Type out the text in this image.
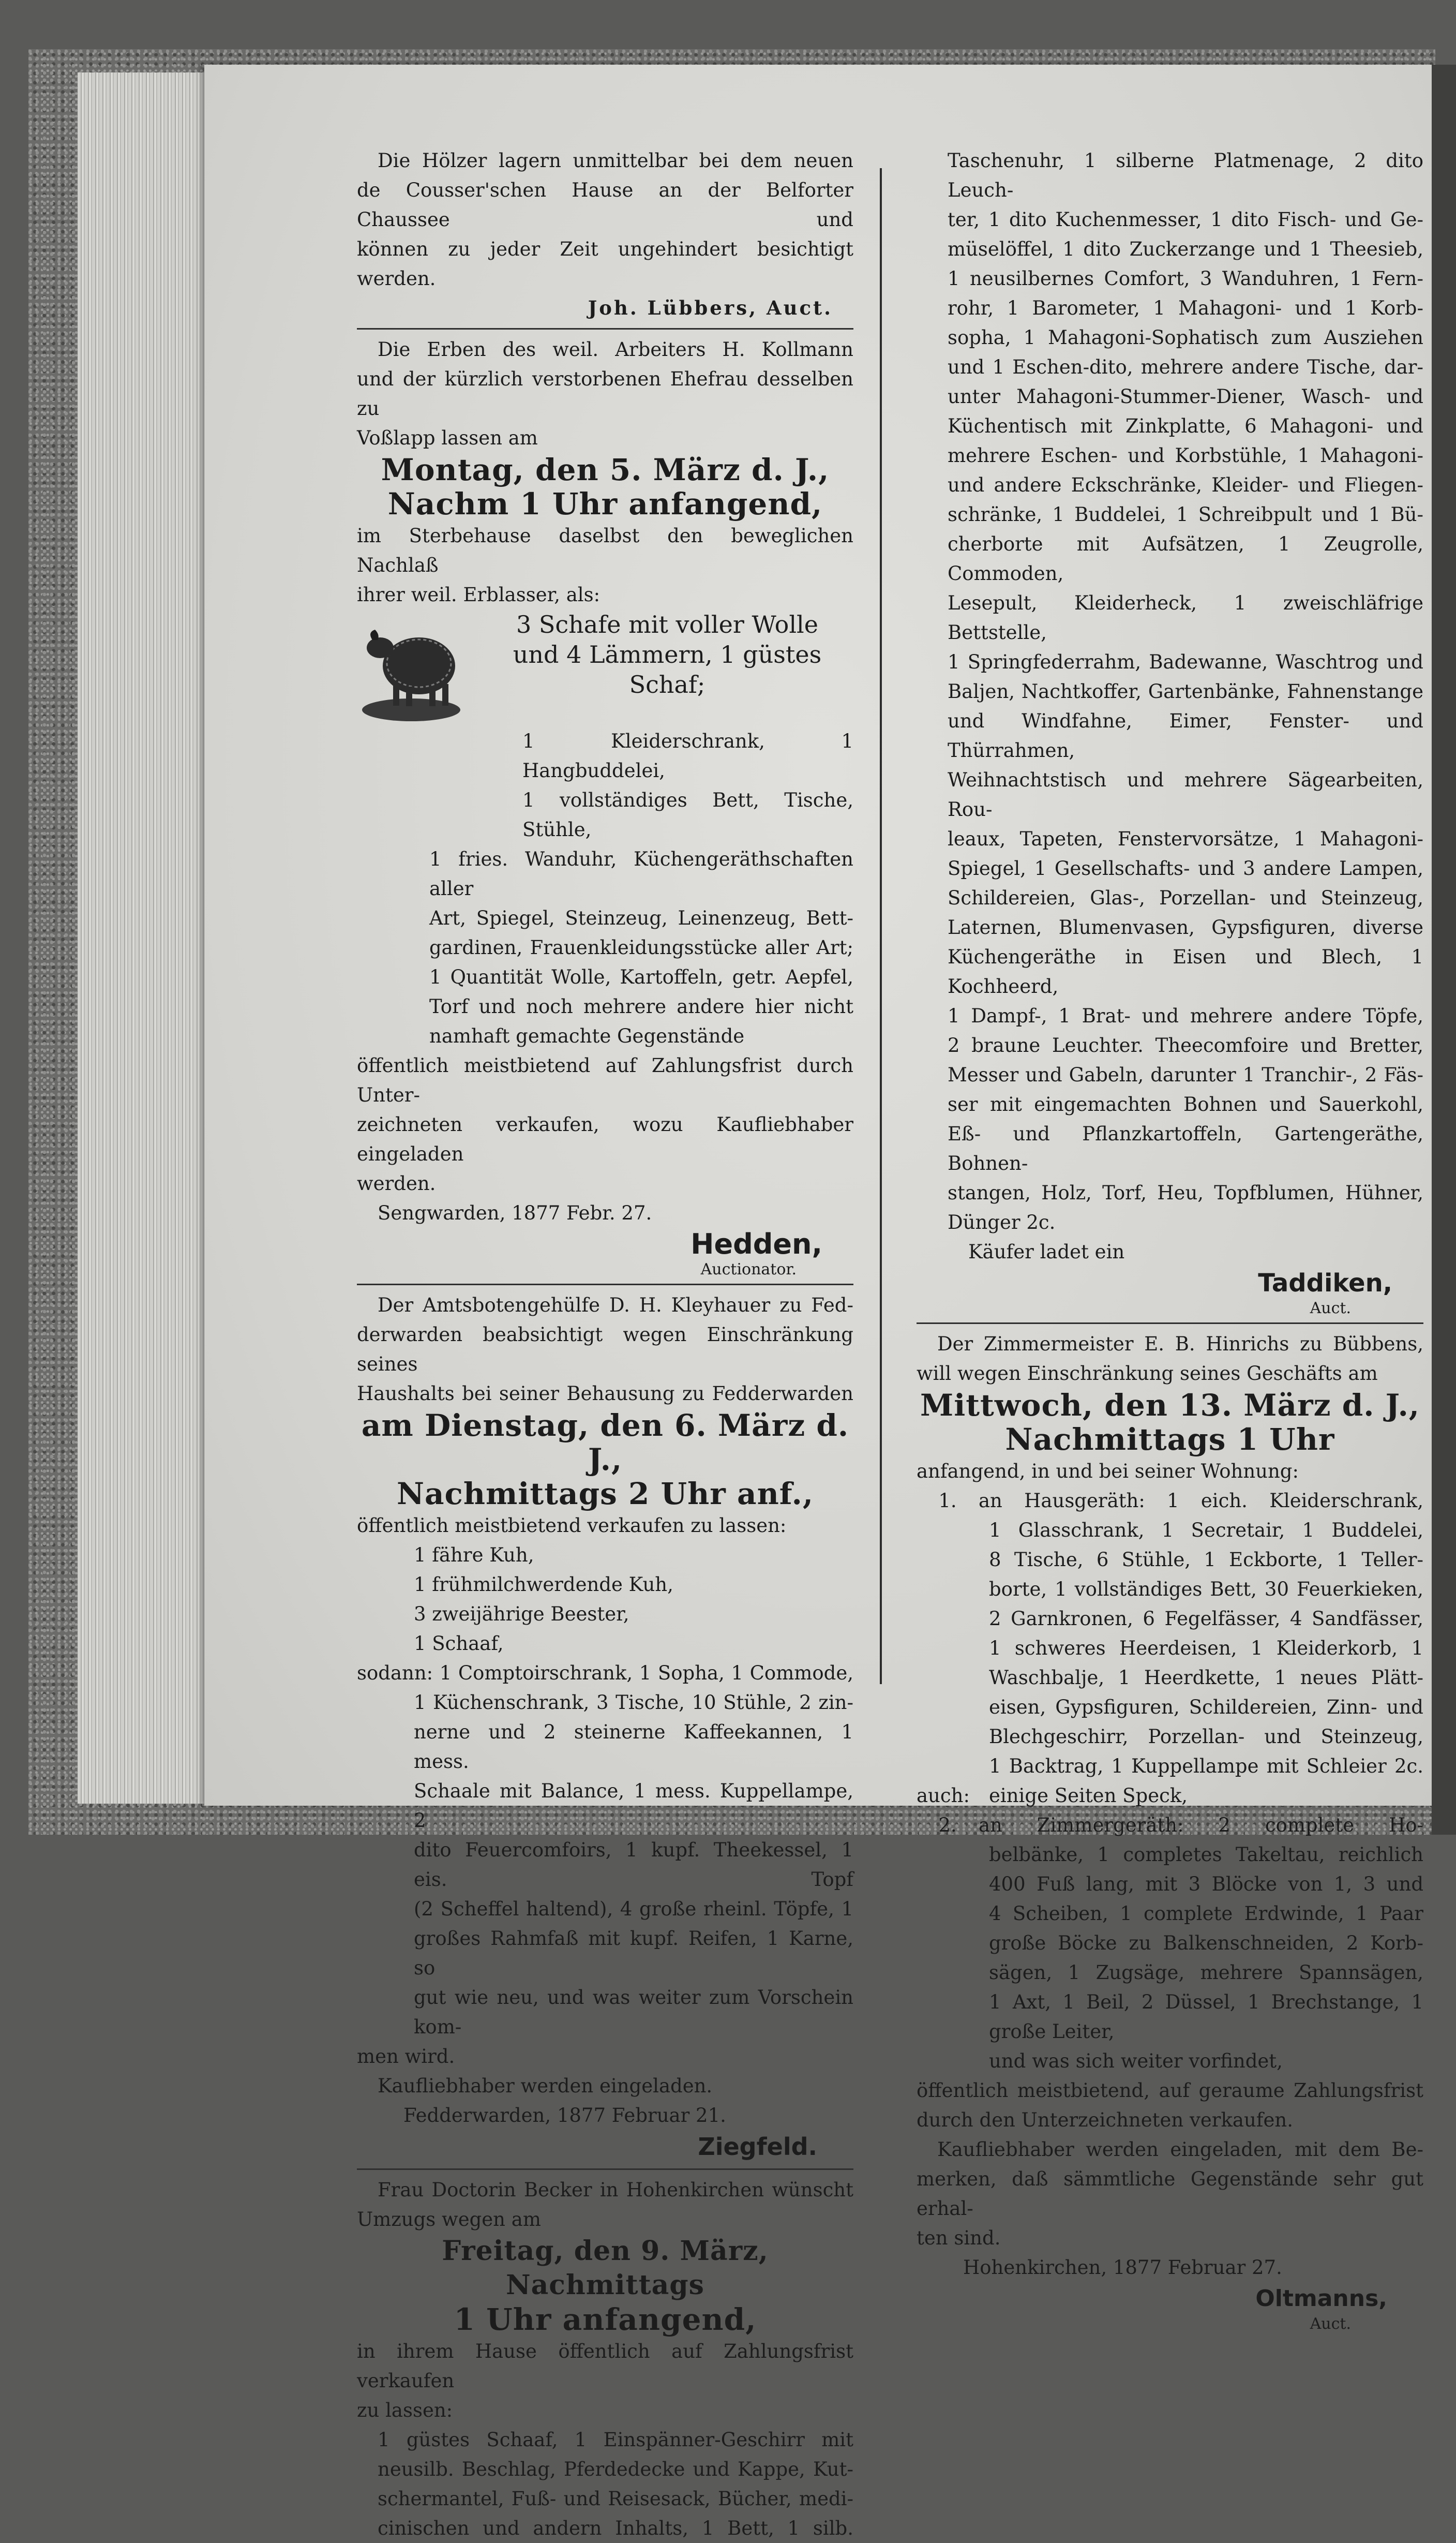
Die Hölzer lagern unmittelbar bei dem neuen

de Cousser'schen Hause an der Belforter Chaussee und

können zu jeder Zeit ungehindert besichtigt werden.

Joh. Lübbers, Auct.

Die Erben des weil. Arbeiters H. Kollmann

und der kürzlich verstorbenen Ehefrau desselben zu

Voßlapp lassen am

Montag, den 5. März d. J.,

Nachm 1 Uhr anfangend,

im Sterbehause daselbst den beweglichen Nachlaß

ihrer weil. Erblasser, als:

3 Schafe mit voller Wolle

und 4 Lämmern, 1 güstes

Schaf;

1 Kleiderschrank, 1 Hangbuddelei,

1 vollständiges Bett, Tische, Stühle,

1 fries. Wanduhr, Küchengeräthschaften aller

Art, Spiegel, Steinzeug, Leinenzeug, Bett-

gardinen, Frauenkleidungsstücke aller Art;

1 Quantität Wolle, Kartoffeln, getr. Aepfel,

Torf und noch mehrere andere hier nicht

namhaft gemachte Gegenstände

öffentlich meistbietend auf Zahlungsfrist durch Unter-

zeichneten verkaufen, wozu Kaufliebhaber eingeladen

werden.

Sengwarden, 1877 Febr. 27.

Hedden,

Auctionator.

Der Amtsbotengehülfe D. H. Kleyhauer zu Fed-

derwarden beabsichtigt wegen Einschränkung seines

Haushalts bei seiner Behausung zu Fedderwarden

am Dienstag, den 6. März d. J.,

Nachmittags 2 Uhr anf.,

öffentlich meistbietend verkaufen zu lassen:

1 fähre Kuh,

1 frühmilchwerdende Kuh,

3 zweijährige Beester,

1 Schaaf,

sodann: 1 Comptoirschrank, 1 Sopha, 1 Commode,

1 Küchenschrank, 3 Tische, 10 Stühle, 2 zin-

nerne und 2 steinerne Kaffeekannen, 1 mess.

Schaale mit Balance, 1 mess. Kuppellampe, 2

dito Feuercomfoirs, 1 kupf. Theekessel, 1 eis. Topf

(2 Scheffel haltend), 4 große rheinl. Töpfe, 1

großes Rahmfaß mit kupf. Reifen, 1 Karne, so

gut wie neu, und was weiter zum Vorschein kom-

men wird.

Kaufliebhaber werden eingeladen.

Fedderwarden, 1877 Februar 21.

Ziegfeld.

Frau Doctorin Becker in Hohenkirchen wünscht

Umzugs wegen am

Freitag, den 9. März, Nachmittags

1 Uhr anfangend,

in ihrem Hause öffentlich auf Zahlungsfrist verkaufen

zu lassen:

1 güstes Schaaf, 1 Einspänner-Geschirr mit

neusilb. Beschlag, Pferdedecke und Kappe, Kut-

schermantel, Fuß- und Reisesack, Bücher, medi-

cinischen und andern Inhalts, 1 Bett, 1 silb.

Taschenuhr, 1 silberne Platmenage, 2 dito Leuch-

ter, 1 dito Kuchenmesser, 1 dito Fisch- und Ge-

müselöffel, 1 dito Zuckerzange und 1 Theesieb,

1 neusilbernes Comfort, 3 Wanduhren, 1 Fern-

rohr, 1 Barometer, 1 Mahagoni- und 1 Korb-

sopha, 1 Mahagoni-Sophatisch zum Ausziehen

und 1 Eschen-dito, mehrere andere Tische, dar-

unter Mahagoni-Stummer-Diener, Wasch- und

Küchentisch mit Zinkplatte, 6 Mahagoni- und

mehrere Eschen- und Korbstühle, 1 Mahagoni-

und andere Eckschränke, Kleider- und Fliegen-

schränke, 1 Buddelei, 1 Schreibpult und 1 Bü-

cherborte mit Aufsätzen, 1 Zeugrolle, Commoden,

Lesepult, Kleiderheck, 1 zweischläfrige Bettstelle,

1 Springfederrahm, Badewanne, Waschtrog und

Baljen, Nachtkoffer, Gartenbänke, Fahnenstange

und Windfahne, Eimer, Fenster- und Thürrahmen,

Weihnachtstisch und mehrere Sägearbeiten, Rou-

leaux, Tapeten, Fenstervorsätze, 1 Mahagoni-

Spiegel, 1 Gesellschafts- und 3 andere Lampen,

Schildereien, Glas-, Porzellan- und Steinzeug,

Laternen, Blumenvasen, Gypsfiguren, diverse

Küchengeräthe in Eisen und Blech, 1 Kochheerd,

1 Dampf-, 1 Brat- und mehrere andere Töpfe,

2 braune Leuchter. Theecomfoire und Bretter,

Messer und Gabeln, darunter 1 Tranchir-, 2 Fäs-

ser mit eingemachten Bohnen und Sauerkohl,

Eß- und Pflanzkartoffeln, Gartengeräthe, Bohnen-

stangen, Holz, Torf, Heu, Topfblumen, Hühner,

Dünger 2c.

Käufer ladet ein

Taddiken,

Auct.

Der Zimmermeister E. B. Hinrichs zu Bübbens,

will wegen Einschränkung seines Geschäfts am

Mittwoch, den 13. März d. J.,

Nachmittags 1 Uhr

anfangend, in und bei seiner Wohnung:

1.	an Hausgeräth: 1 eich. Kleiderschrank,

1 Glasschrank, 1 Secretair, 1 Buddelei,

8 Tische, 6 Stühle, 1 Eckborte, 1 Teller-

borte, 1 vollständiges Bett, 30 Feuerkieken,

2 Garnkronen, 6 Fegelfässer, 4 Sandfässer,

1 schweres Heerdeisen, 1 Kleiderkorb, 1

Waschbalje, 1 Heerdkette, 1 neues Plätt-

eisen, Gypsfiguren, Schildereien, Zinn- und

Blechgeschirr, Porzellan- und Steinzeug,

1 Backtrag, 1 Kuppellampe mit Schleier 2c.

auch: einige Seiten Speck,

2.	an Zimmergeräth: 2 complete Ho-

belbänke, 1 completes Takeltau, reichlich

400 Fuß lang, mit 3 Blöcke von 1, 3 und

4 Scheiben, 1 complete Erdwinde, 1 Paar

große Böcke zu Balkenschneiden, 2 Korb-

sägen, 1 Zugsäge, mehrere Spannsägen,

1 Axt, 1 Beil, 2 Düssel, 1 Brechstange, 1

große Leiter,

und was sich weiter vorfindet,

öffentlich meistbietend, auf geraume Zahlungsfrist

durch den Unterzeichneten verkaufen.

Kaufliebhaber werden eingeladen, mit dem Be-

merken, daß sämmtliche Gegenstände sehr gut erhal-

ten sind.

Hohenkirchen, 1877 Februar 27.

Oltmanns,

Auct.
